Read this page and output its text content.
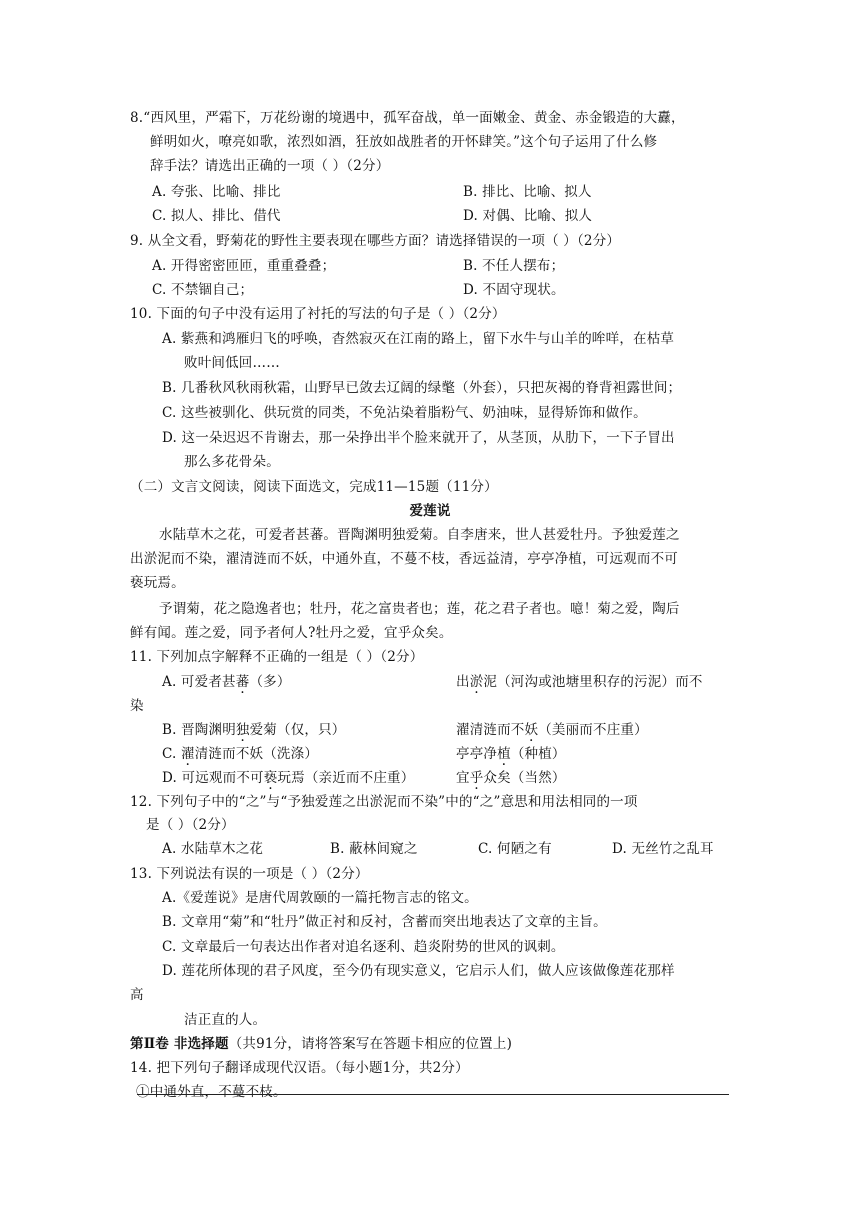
8.“西风里，严霜下，万花纷谢的境遇中，孤军奋战，单一面嫩金、黄金、赤金锻造的大纛，
鲜明如火，嘹亮如歌，浓烈如酒，狂放如战胜者的开怀肆笑。”这个句子运用了什么修
辞手法？请选出正确的一项（ ）（2分）
A. 夸张、比喻、排比	B. 排比、比喻、拟人
C. 拟人、排比、借代	D. 对偶、比喻、拟人
9. 从全文看，野菊花的野性主要表现在哪些方面？请选择错误的一项（ ）（2分）
A. 开得密密匝匝，重重叠叠；	B. 不任人摆布；
C. 不禁锢自己；	D. 不固守现状。
10. 下面的句子中没有运用了衬托的写法的句子是（ ）（2分）
A. 紫燕和鸿雁归飞的呼唤，杳然寂灭在江南的路上，留下水牛与山羊的哞咩，在枯草
败叶间低回……
B. 几番秋风秋雨秋霜，山野早已敛去辽阔的绿氅（外套），只把灰褐的脊背袒露世间；
C. 这些被驯化、供玩赏的同类，不免沾染着脂粉气、奶油味，显得矫饰和做作。
D. 这一朵迟迟不肯谢去，那一朵挣出半个脸来就开了，从茎顶，从肋下，一下子冒出
那么多花骨朵。
（二）文言文阅读，阅读下面选文，完成11—15题（11分）
爱莲说
水陆草木之花，可爱者甚蕃。晋陶渊明独爱菊。自李唐来，世人甚爱牡丹。予独爱莲之
出淤泥而不染，濯清涟而不妖，中通外直，不蔓不枝，香远益清，亭亭净植，可远观而不可
亵玩焉。
予谓菊，花之隐逸者也；牡丹，花之富贵者也；莲，花之君子者也。噫！菊之爱，陶后
鲜有闻。莲之爱，同予者何人?牡丹之爱，宜乎众矣。
11. 下列加点字解释不正确的一组是（ ）（2分）
A. 可爱者甚蕃（多）	出淤泥（河沟或池塘里积存的污泥）而不
染
B. 晋陶渊明独爱菊（仅，只）	濯清涟而不妖（美丽而不庄重）
C. 濯清涟而不妖（洗涤）	亭亭净植（种植）
D. 可远观而不可亵玩焉（亲近而不庄重）	宜乎众矣（当然）
12. 下列句子中的“之”与“予独爱莲之出淤泥而不染”中的“之”意思和用法相同的一项
是（ ）（2分）
A. 水陆草木之花	B. 蔽林间窥之	C. 何陋之有	D. 无丝竹之乱耳
13. 下列说法有误的一项是（ ）（2分）
A.《爱莲说》是唐代周敦颐的一篇托物言志的铭文。
B. 文章用“菊”和“牡丹”做正衬和反衬，含蓄而突出地表达了文章的主旨。
C. 文章最后一句表达出作者对追名逐利、趋炎附势的世风的讽刺。
D. 莲花所体现的君子风度，至今仍有现实意义，它启示人们，做人应该做像莲花那样
高
洁正直的人。
第Ⅱ卷 非选择题（共91分，请将答案写在答题卡相应的位置上)
14. 把下列句子翻译成现代汉语。（每小题1分，共2分）
①中通外直，不蔓不枝。
